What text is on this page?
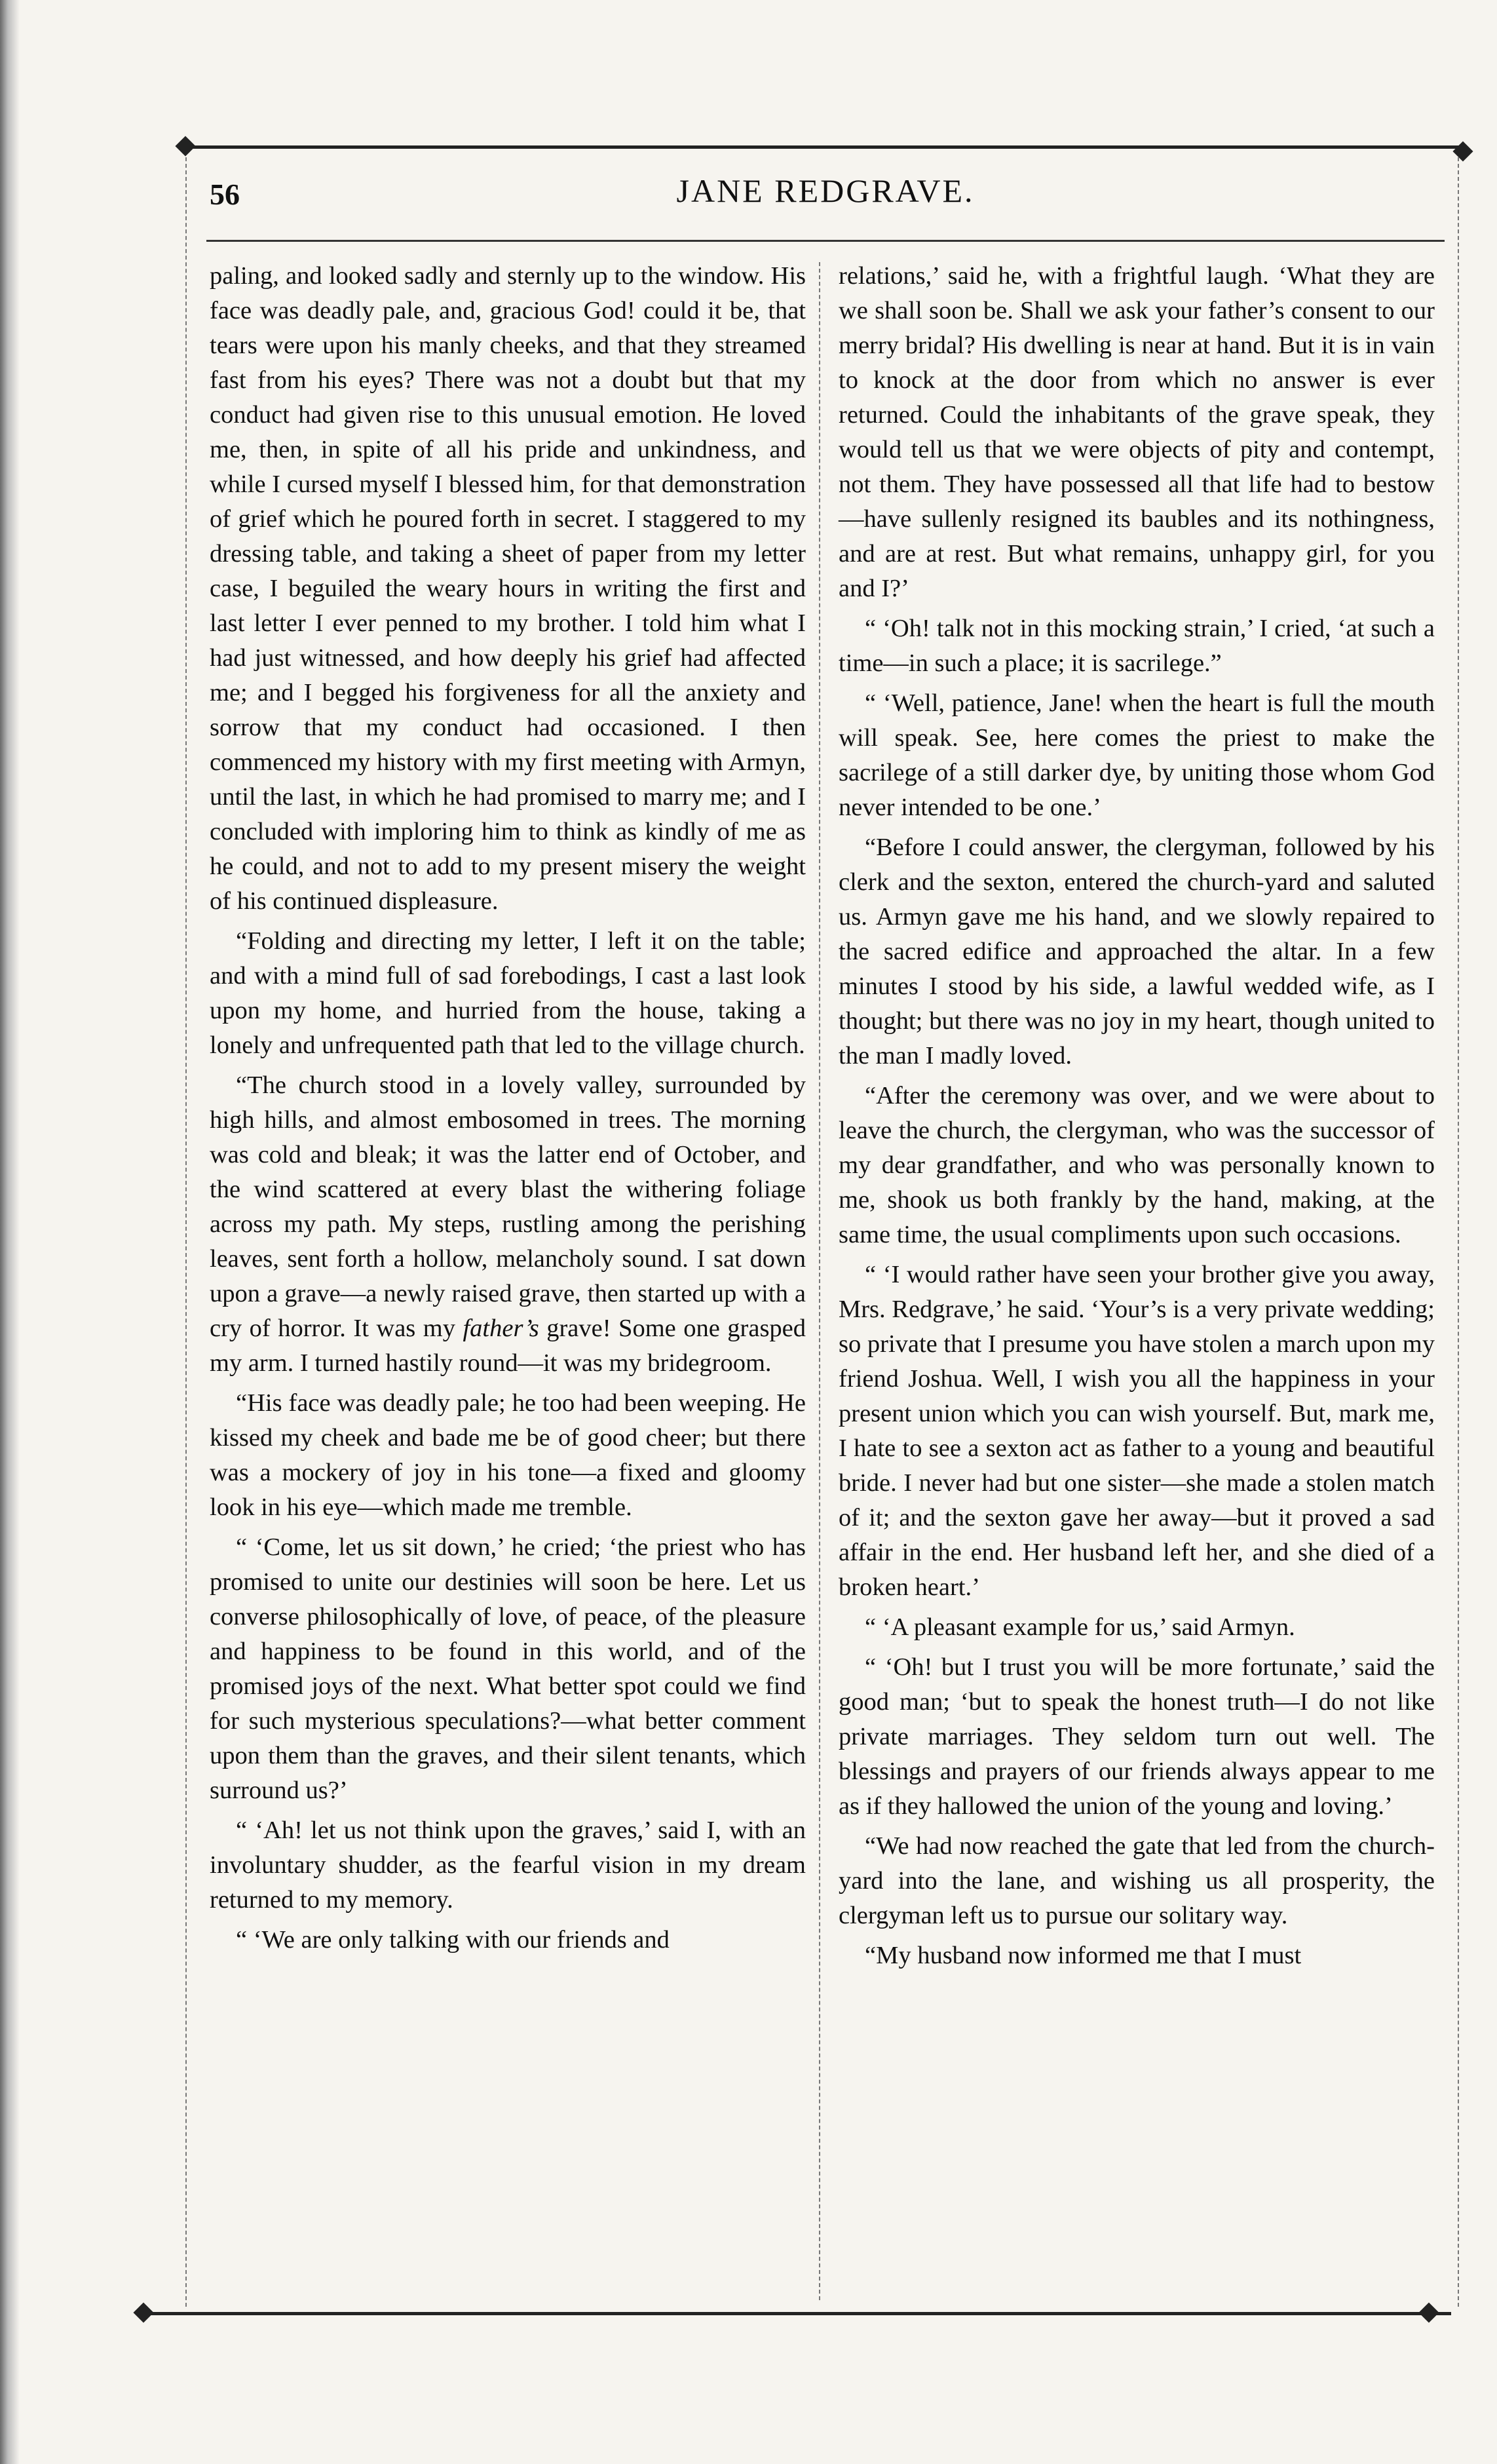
56	JANE REDGRAVE.

paling, and looked sadly and sternly up to the window. His face was deadly pale, and, gracious God! could it be, that tears were upon his manly cheeks, and that they streamed fast from his eyes? There was not a doubt but that my conduct had given rise to this unusual emotion. He loved me, then, in spite of all his pride and unkindness, and while I cursed myself I blessed him, for that demonstration of grief which he poured forth in secret. I staggered to my dressing table, and taking a sheet of paper from my letter case, I beguiled the weary hours in writing the first and last letter I ever penned to my brother. I told him what I had just witnessed, and how deeply his grief had affected me; and I begged his forgiveness for all the anxiety and sorrow that my conduct had occasioned. I then commenced my history with my first meeting with Armyn, until the last, in which he had promised to marry me; and I concluded with imploring him to think as kindly of me as he could, and not to add to my present misery the weight of his continued displeasure.

“Folding and directing my letter, I left it on the table; and with a mind full of sad forebodings, I cast a last look upon my home, and hurried from the house, taking a lonely and unfrequented path that led to the village church.

“The church stood in a lovely valley, surrounded by high hills, and almost embosomed in trees. The morning was cold and bleak; it was the latter end of October, and the wind scattered at every blast the withering foliage across my path. My steps, rustling among the perishing leaves, sent forth a hollow, melancholy sound. I sat down upon a grave—a newly raised grave, then started up with a cry of horror. It was my father’s grave! Some one grasped my arm. I turned hastily round—it was my bridegroom.

“His face was deadly pale; he too had been weeping. He kissed my cheek and bade me be of good cheer; but there was a mockery of joy in his tone—a fixed and gloomy look in his eye—which made me tremble.

“ ‘Come, let us sit down,’ he cried; ‘the priest who has promised to unite our destinies will soon be here. Let us converse philosophically of love, of peace, of the pleasure and happiness to be found in this world, and of the promised joys of the next. What better spot could we find for such mysterious speculations?—what better comment upon them than the graves, and their silent tenants, which surround us?’

“ ‘Ah! let us not think upon the graves,’ said I, with an involuntary shudder, as the fearful vision in my dream returned to my memory.

“ ‘We are only talking with our friends and

relations,’ said he, with a frightful laugh. ‘What they are we shall soon be. Shall we ask your father’s consent to our merry bridal? His dwelling is near at hand. But it is in vain to knock at the door from which no answer is ever returned. Could the inhabitants of the grave speak, they would tell us that we were objects of pity and contempt, not them. They have possessed all that life had to bestow—have sullenly resigned its baubles and its nothingness, and are at rest. But what remains, unhappy girl, for you and I?’

“ ‘Oh! talk not in this mocking strain,’ I cried, ‘at such a time—in such a place; it is sacrilege.”

“ ‘Well, patience, Jane! when the heart is full the mouth will speak. See, here comes the priest to make the sacrilege of a still darker dye, by uniting those whom God never intended to be one.’

“Before I could answer, the clergyman, followed by his clerk and the sexton, entered the church-yard and saluted us. Armyn gave me his hand, and we slowly repaired to the sacred edifice and approached the altar. In a few minutes I stood by his side, a lawful wedded wife, as I thought; but there was no joy in my heart, though united to the man I madly loved.

“After the ceremony was over, and we were about to leave the church, the clergyman, who was the successor of my dear grandfather, and who was personally known to me, shook us both frankly by the hand, making, at the same time, the usual compliments upon such occasions.

“ ‘I would rather have seen your brother give you away, Mrs. Redgrave,’ he said. ‘Your’s is a very private wedding; so private that I presume you have stolen a march upon my friend Joshua. Well, I wish you all the happiness in your present union which you can wish yourself. But, mark me, I hate to see a sexton act as father to a young and beautiful bride. I never had but one sister—she made a stolen match of it; and the sexton gave her away—but it proved a sad affair in the end. Her husband left her, and she died of a broken heart.’

“ ‘A pleasant example for us,’ said Armyn.

“ ‘Oh! but I trust you will be more fortunate,’ said the good man; ‘but to speak the honest truth—I do not like private marriages. They seldom turn out well. The blessings and prayers of our friends always appear to me as if they hallowed the union of the young and loving.’

“We had now reached the gate that led from the church-yard into the lane, and wishing us all prosperity, the clergyman left us to pursue our solitary way.

“My husband now informed me that I must
